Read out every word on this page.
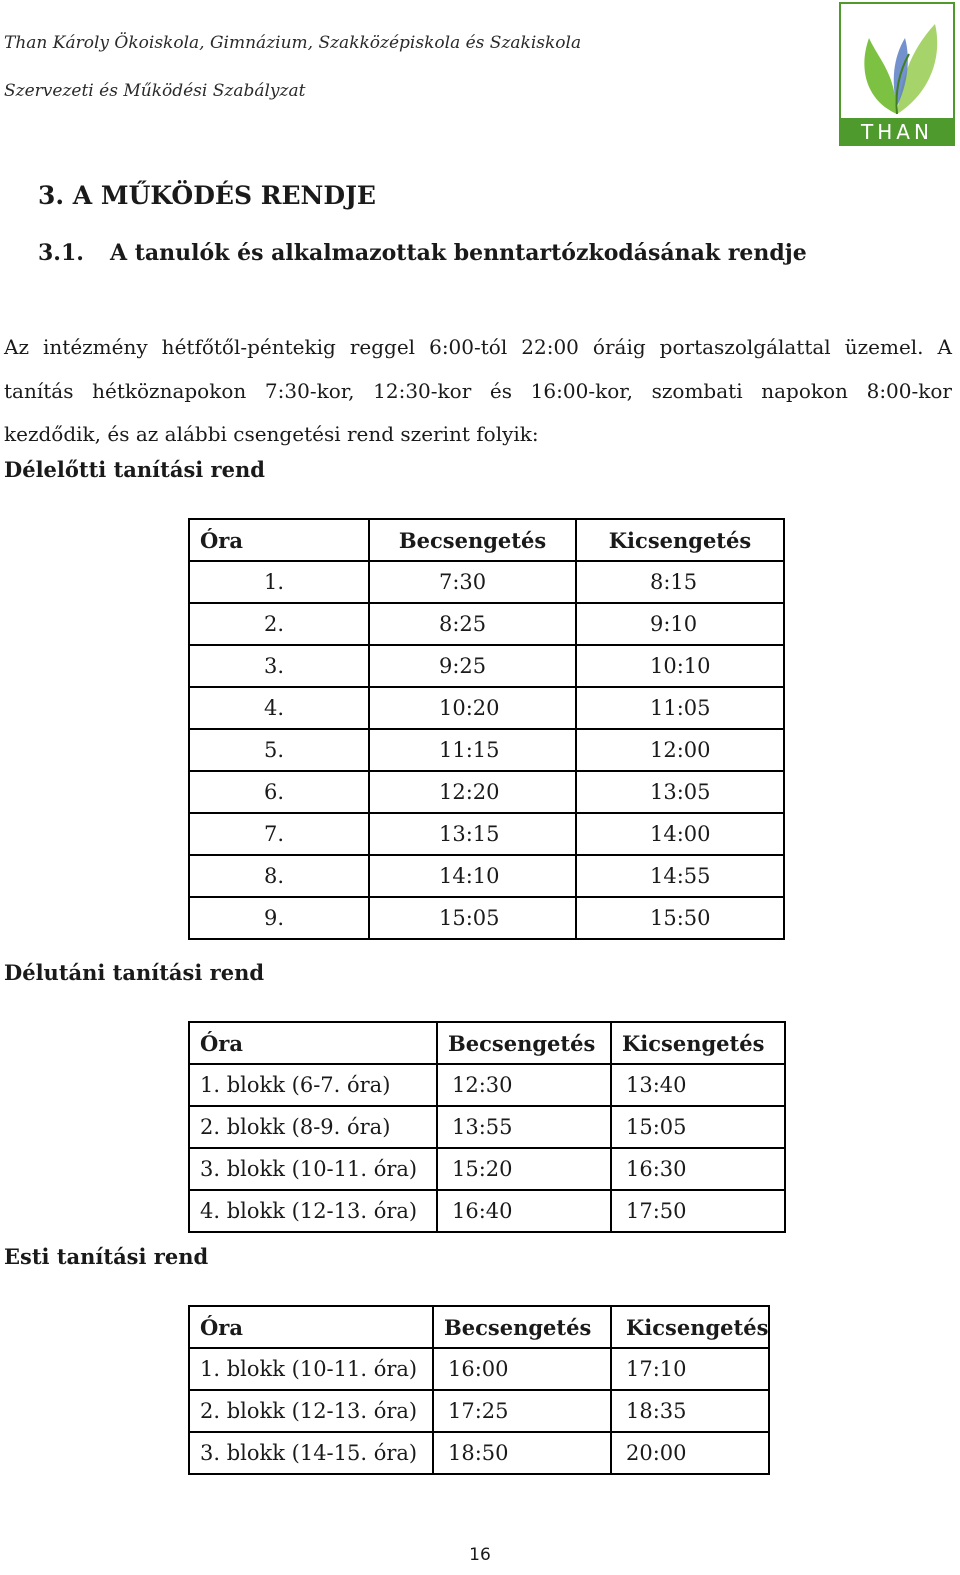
Than Károly Ökoiskola, Gimnázium, Szakközépiskola és Szakiskola
Szervezeti és Működési Szabályzat
THAN
3. A MŰKÖDÉS RENDJE
3.1. A tanulók és alkalmazottak benntartózkodásának rendje
Az intézmény hétfőtől-péntekig reggel 6:00-tól 22:00 óráig portaszolgálattal üzemel. A
tanítás hétköznapokon 7:30-kor, 12:30-kor és 16:00-kor, szombati napokon 8:00-kor
kezdődik, és az alábbi csengetési rend szerint folyik:
Délelőtti tanítási rend
Óra	Becsengetés	Kicsengetés
1.	7:30	8:15
2.	8:25	9:10
3.	9:25	10:10
4.	10:20	11:05
5.	11:15	12:00
6.	12:20	13:05
7.	13:15	14:00
8.	14:10	14:55
9.	15:05	15:50
Délutáni tanítási rend
Óra	Becsengetés	Kicsengetés
1. blokk (6-7. óra)	12:30	13:40
2. blokk (8-9. óra)	13:55	15:05
3. blokk (10-11. óra)	15:20	16:30
4. blokk (12-13. óra)	16:40	17:50
Esti tanítási rend
Óra	Becsengetés	Kicsengetés
1. blokk (10-11. óra)	16:00	17:10
2. blokk (12-13. óra)	17:25	18:35
3. blokk (14-15. óra)	18:50	20:00
16
